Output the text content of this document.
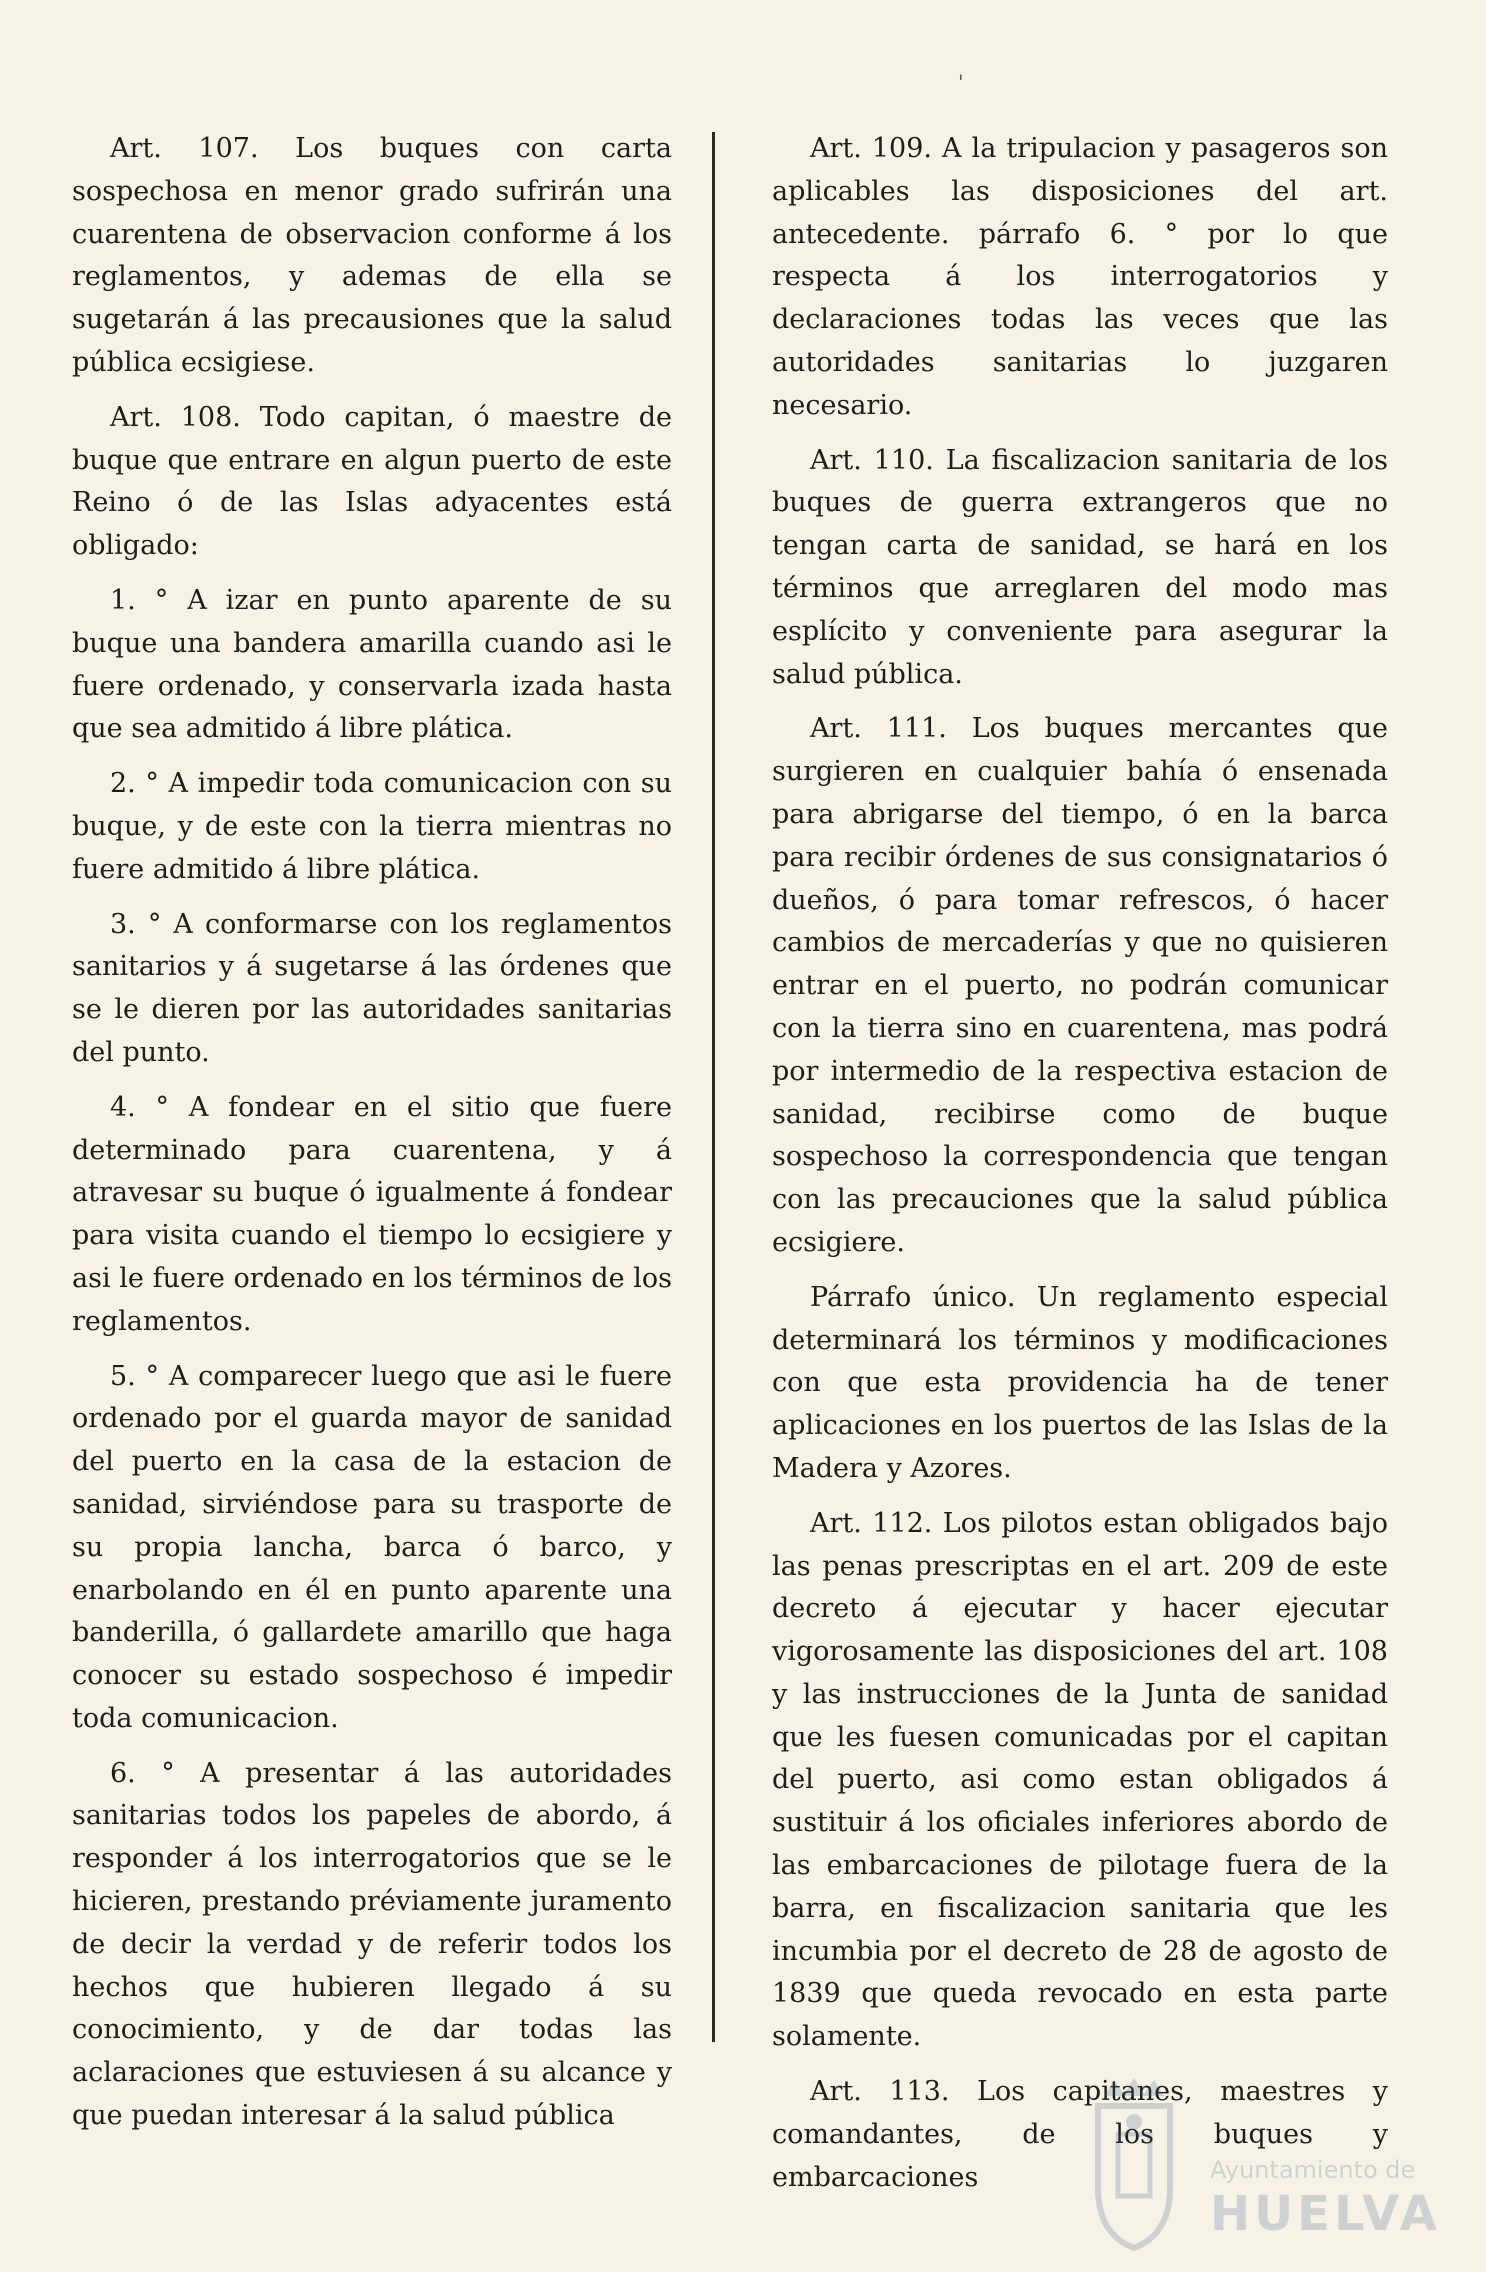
'

Art. 107. Los buques con carta sospechosa en menor grado sufrirán una cuarentena de observacion conforme á los reglamentos, y ademas de ella se sugetarán á las precausiones que la salud pública ecsigiese.

Art. 108. Todo capitan, ó maestre de buque que entrare en algun puerto de este Reino ó de las Islas adyacentes está obligado:

1. ° A izar en punto aparente de su buque una bandera amarilla cuando asi le fuere ordenado, y conservarla izada hasta que sea admitido á libre plática.

2. ° A impedir toda comunicacion con su buque, y de este con la tierra mientras no fuere admitido á libre plática.

3. ° A conformarse con los reglamentos sanitarios y á sugetarse á las órdenes que se le dieren por las autoridades sanitarias del punto.

4. ° A fondear en el sitio que fuere determinado para cuarentena, y á atravesar su buque ó igualmente á fondear para visita cuando el tiempo lo ecsigiere y asi le fuere ordenado en los términos de los reglamentos.

5. ° A comparecer luego que asi le fuere ordenado por el guarda mayor de sanidad del puerto en la casa de la estacion de sanidad, sirviéndose para su trasporte de su propia lancha, barca ó barco, y enarbolando en él en punto aparente una banderilla, ó gallardete amarillo que haga conocer su estado sospechoso é impedir toda comunicacion.

6. ° A presentar á las autoridades sanitarias todos los papeles de abordo, á responder á los interrogatorios que se le hicieren, prestando préviamente juramento de decir la verdad y de referir todos los hechos que hubieren llegado á su conocimiento, y de dar todas las aclaraciones que estuviesen á su alcance y que puedan interesar á la salud pública

Art. 109. A la tripulacion y pasageros son aplicables las disposiciones del art. antecedente. párrafo 6. ° por lo que respecta á los interrogatorios y declaraciones todas las veces que las autoridades sanitarias lo juzgaren necesario.

Art. 110. La fiscalizacion sanitaria de los buques de guerra extrangeros que no tengan carta de sanidad, se hará en los términos que arreglaren del modo mas esplícito y conveniente para asegurar la salud pública.

Art. 111. Los buques mercantes que surgieren en cualquier bahía ó ensenada para abrigarse del tiempo, ó en la barca para recibir órdenes de sus consignatarios ó dueños, ó para tomar refrescos, ó hacer cambios de mercaderías y que no quisieren entrar en el puerto, no podrán comunicar con la tierra sino en cuarentena, mas podrá por intermedio de la respectiva estacion de sanidad, recibirse como de buque sospechoso la correspondencia que tengan con las precauciones que la salud pública ecsigiere.

Párrafo único. Un reglamento especial determinará los términos y modificaciones con que esta providencia ha de tener aplicaciones en los puertos de las Islas de la Madera y Azores.

Art. 112. Los pilotos estan obligados bajo las penas prescriptas en el art. 209 de este decreto á ejecutar y hacer ejecutar vigorosamente las disposiciones del art. 108 y las instrucciones de la Junta de sanidad que les fuesen comunicadas por el capitan del puerto, asi como estan obligados á sustituir á los oficiales inferiores abordo de las embarcaciones de pilotage fuera de la barra, en fiscalizacion sanitaria que les incumbia por el decreto de 28 de agosto de 1839 que queda revocado en esta parte solamente.

Art. 113. Los capitanes, maestres y comandantes, de los buques y embarcaciones	Ayuntamiento de
HUELVA
